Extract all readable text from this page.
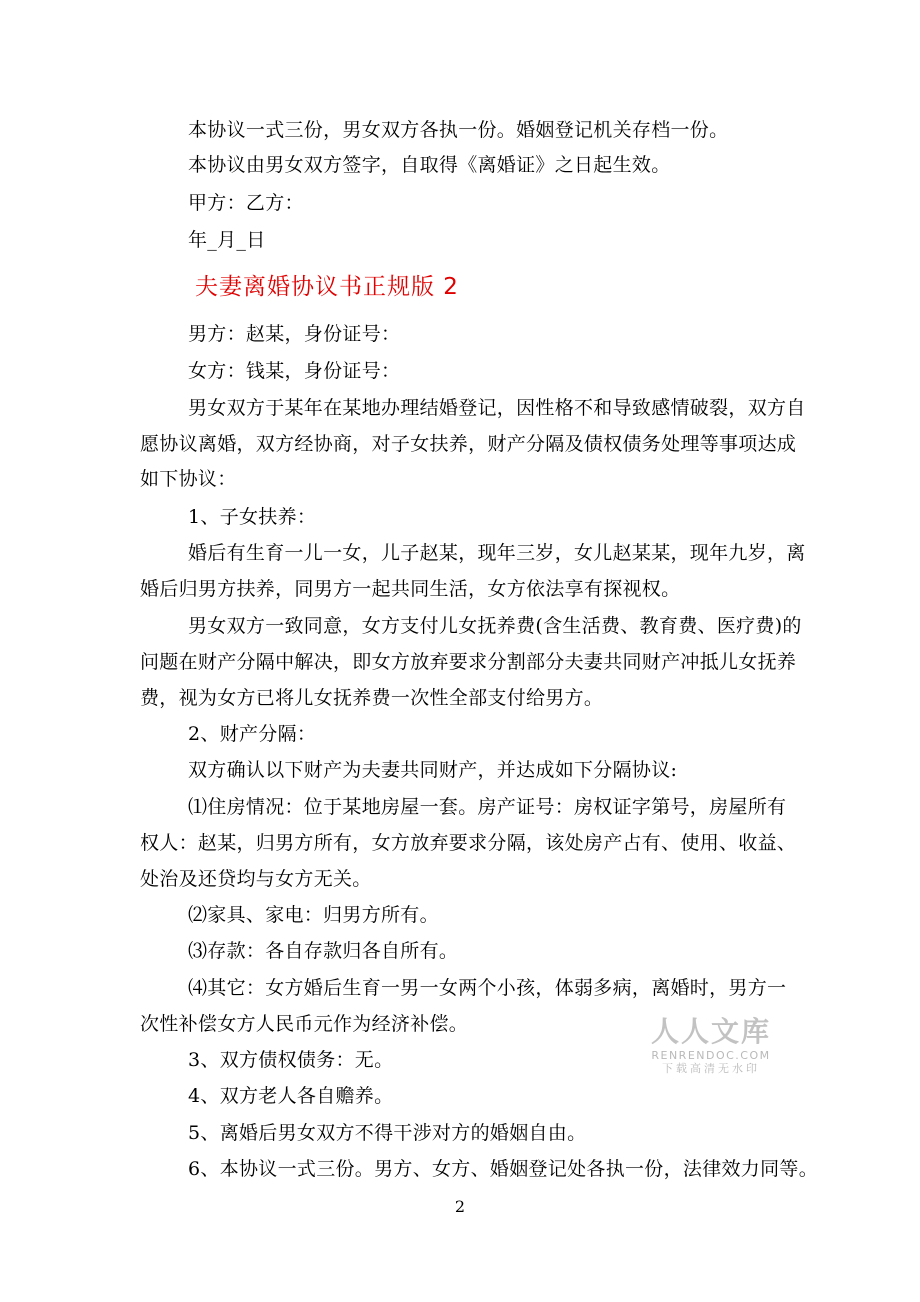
本协议一式三份，男女双方各执一份。婚姻登记机关存档一份。
本协议由男女双方签字，自取得《离婚证》之日起生效。
甲方：乙方：
年_月_日
夫妻离婚协议书正规版 2
男方：赵某，身份证号：
女方：钱某，身份证号：
男女双方于某年在某地办理结婚登记，因性格不和导致感情破裂，双方自
愿协议离婚，双方经协商，对子女扶养，财产分隔及债权债务处理等事项达成
如下协议：
1、子女扶养：
婚后有生育一儿一女，儿子赵某，现年三岁，女儿赵某某，现年九岁，离
婚后归男方扶养，同男方一起共同生活，女方依法享有探视权。
男女双方一致同意，女方支付儿女抚养费(含生活费、教育费、医疗费)的
问题在财产分隔中解决，即女方放弃要求分割部分夫妻共同财产冲抵儿女抚养
费，视为女方已将儿女抚养费一次性全部支付给男方。
2、财产分隔：
双方确认以下财产为夫妻共同财产，并达成如下分隔协议:
⑴住房情况：位于某地房屋一套。房产证号：房权证字第号，房屋所有
权人：赵某，归男方所有，女方放弃要求分隔，该处房产占有、使用、收益、
处治及还贷均与女方无关。
⑵家具、家电：归男方所有。
⑶存款：各自存款归各自所有。
⑷其它：女方婚后生育一男一女两个小孩，体弱多病，离婚时，男方一
次性补偿女方人民币元作为经济补偿。
3、双方债权债务：无。
4、双方老人各自赡养。
5、离婚后男女双方不得干涉对方的婚姻自由。
6、本协议一式三份。男方、女方、婚姻登记处各执一份，法律效力同等。
人人文库
RENRENDOC.COM
下载高清无水印
2
